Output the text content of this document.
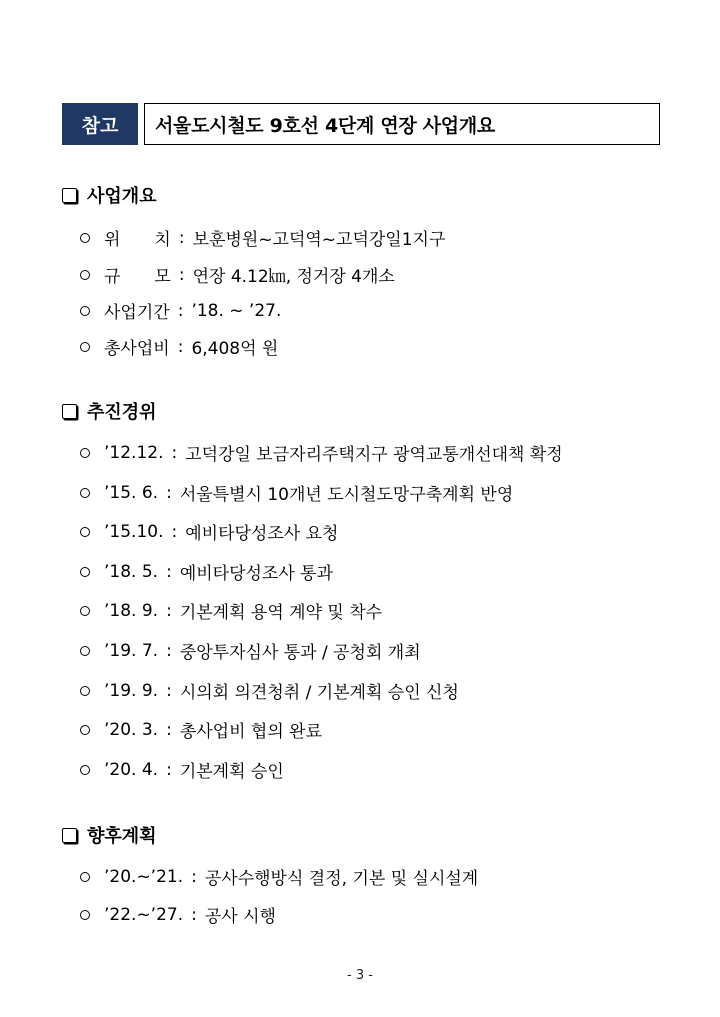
참고	서울도시철도 9호선 4단계 연장 사업개요
사업개요
위　　치 : 보훈병원~고덕역~고덕강일1지구
규　　모 : 연장 4.12㎞, 정거장 4개소
사업기간 : ’18. ~ ’27.
총사업비 : 6,408억 원
추진경위
’12.12. : 고덕강일 보금자리주택지구 광역교통개선대책 확정
’15. 6. : 서울특별시 10개년 도시철도망구축계획 반영
’15.10. : 예비타당성조사 요청
’18. 5. : 예비타당성조사 통과
’18. 9. : 기본계획 용역 계약 및 착수
’19. 7. : 중앙투자심사 통과 / 공청회 개최
’19. 9. : 시의회 의견청취 / 기본계획 승인 신청
’20. 3. : 총사업비 협의 완료
’20. 4. : 기본계획 승인
향후계획
’20.~’21. : 공사수행방식 결정, 기본 및 실시설계
’22.~’27. : 공사 시행
- 3 -
